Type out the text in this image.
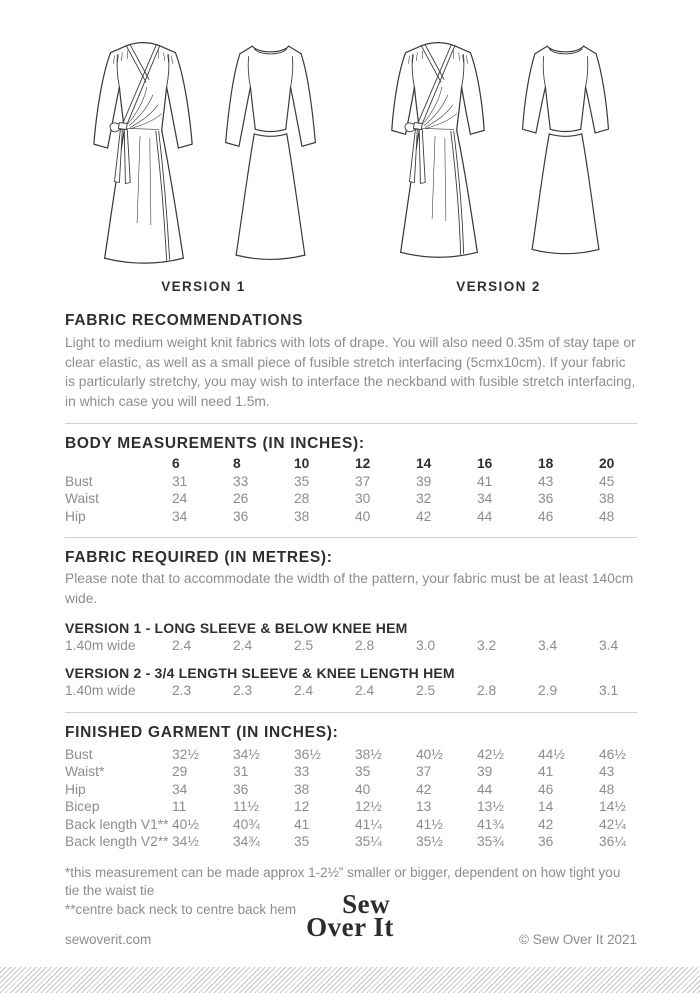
VERSION 1	VERSION 2
FABRIC RECOMMENDATIONS

Light to medium weight knit fabrics with lots of drape. You will also need 0.35m of stay tape or clear elastic, as well as a small piece of fusible stretch interfacing (5cmx10cm). If your fabric is particularly stretchy, you may wish to interface the neckband with fusible stretch interfacing, in which case you will need 1.5m.

BODY MEASUREMENTS (IN INCHES):
6	8	10	12	14	16	18	20
Bust	31	33	35	37	39	41	43	45
Waist	24	26	28	30	32	34	36	38
Hip	34	36	38	40	42	44	46	48
FABRIC REQUIRED (IN METRES):

Please note that to accommodate the width of the pattern, your fabric must be at least 140cm wide.

VERSION 1 - LONG SLEEVE & BELOW KNEE HEM
1.40m wide	2.4	2.4	2.5	2.8	3.0	3.2	3.4	3.4
VERSION 2 - 3/4 LENGTH SLEEVE & KNEE LENGTH HEM
1.40m wide	2.3	2.3	2.4	2.4	2.5	2.8	2.9	3.1
FINISHED GARMENT (IN INCHES):
Bust	32½	34½	36½	38½	40½	42½	44½	46½
Waist*	29	31	33	35	37	39	41	43
Hip	34	36	38	40	42	44	46	48
Bicep	11	11½	12	12½	13	13½	14	14½
Back length V1** 40½	40¾	41	41¼	41½	41¾	42	42¼
Back length V2** 34½	34¾	35	35¼	35½	35¾	36	36¼
*this measurement can be made approx 1-2½” smaller or bigger, dependent on how tight you tie the waist tie
**centre back neck to centre back hem	Sew
Over It
sewoverit.com	© Sew Over It 2021
